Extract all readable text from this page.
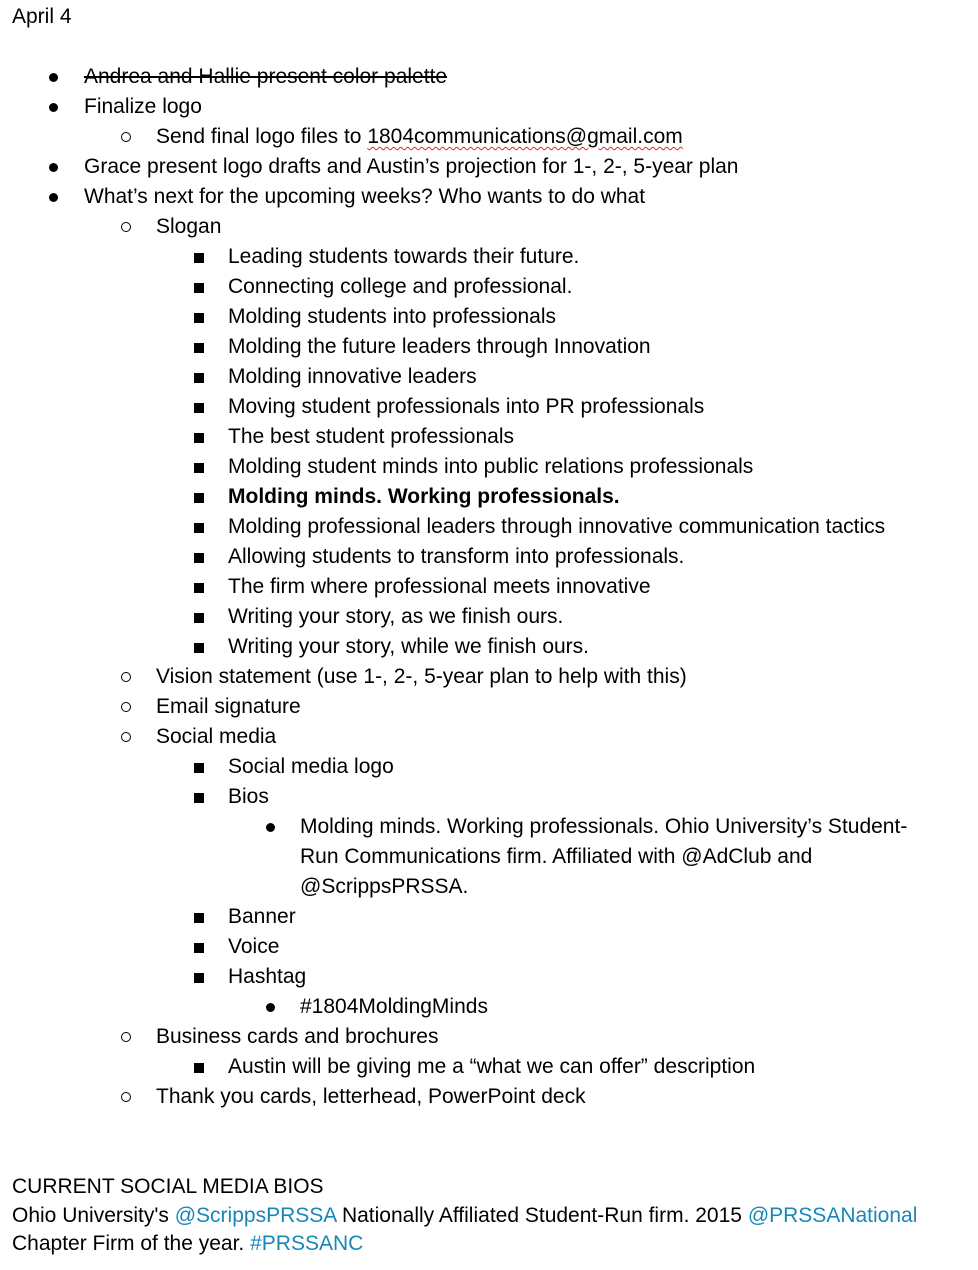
April 4
Andrea and Hallie present color palette
Finalize logo
Send final logo files to 1804communications@gmail.com
Grace present logo drafts and Austin’s projection for 1-, 2-, 5-year plan
What’s next for the upcoming weeks? Who wants to do what
Slogan
Leading students towards their future.
Connecting college and professional.
Molding students into professionals
Molding the future leaders through Innovation
Molding innovative leaders
Moving student professionals into PR professionals
The best student professionals
Molding student minds into public relations professionals
Molding minds. Working professionals.
Molding professional leaders through innovative communication tactics
Allowing students to transform into professionals.
The firm where professional meets innovative
Writing your story, as we finish ours.
Writing your story, while we finish ours.
Vision statement (use 1-, 2-, 5-year plan to help with this)
Email signature
Social media
Social media logo
Bios
Molding minds. Working professionals. Ohio University’s Student-Run Communications firm. Affiliated with @AdClub and @ScrippsPRSSA.
Banner
Voice
Hashtag
#1804MoldingMinds
Business cards and brochures
Austin will be giving me a “what we can offer” description
Thank you cards, letterhead, PowerPoint deck
CURRENT SOCIAL MEDIA BIOS
Ohio University's @ScrippsPRSSA Nationally Affiliated Student-Run firm. 2015 @PRSSANational Chapter Firm of the year. #PRSSANC
